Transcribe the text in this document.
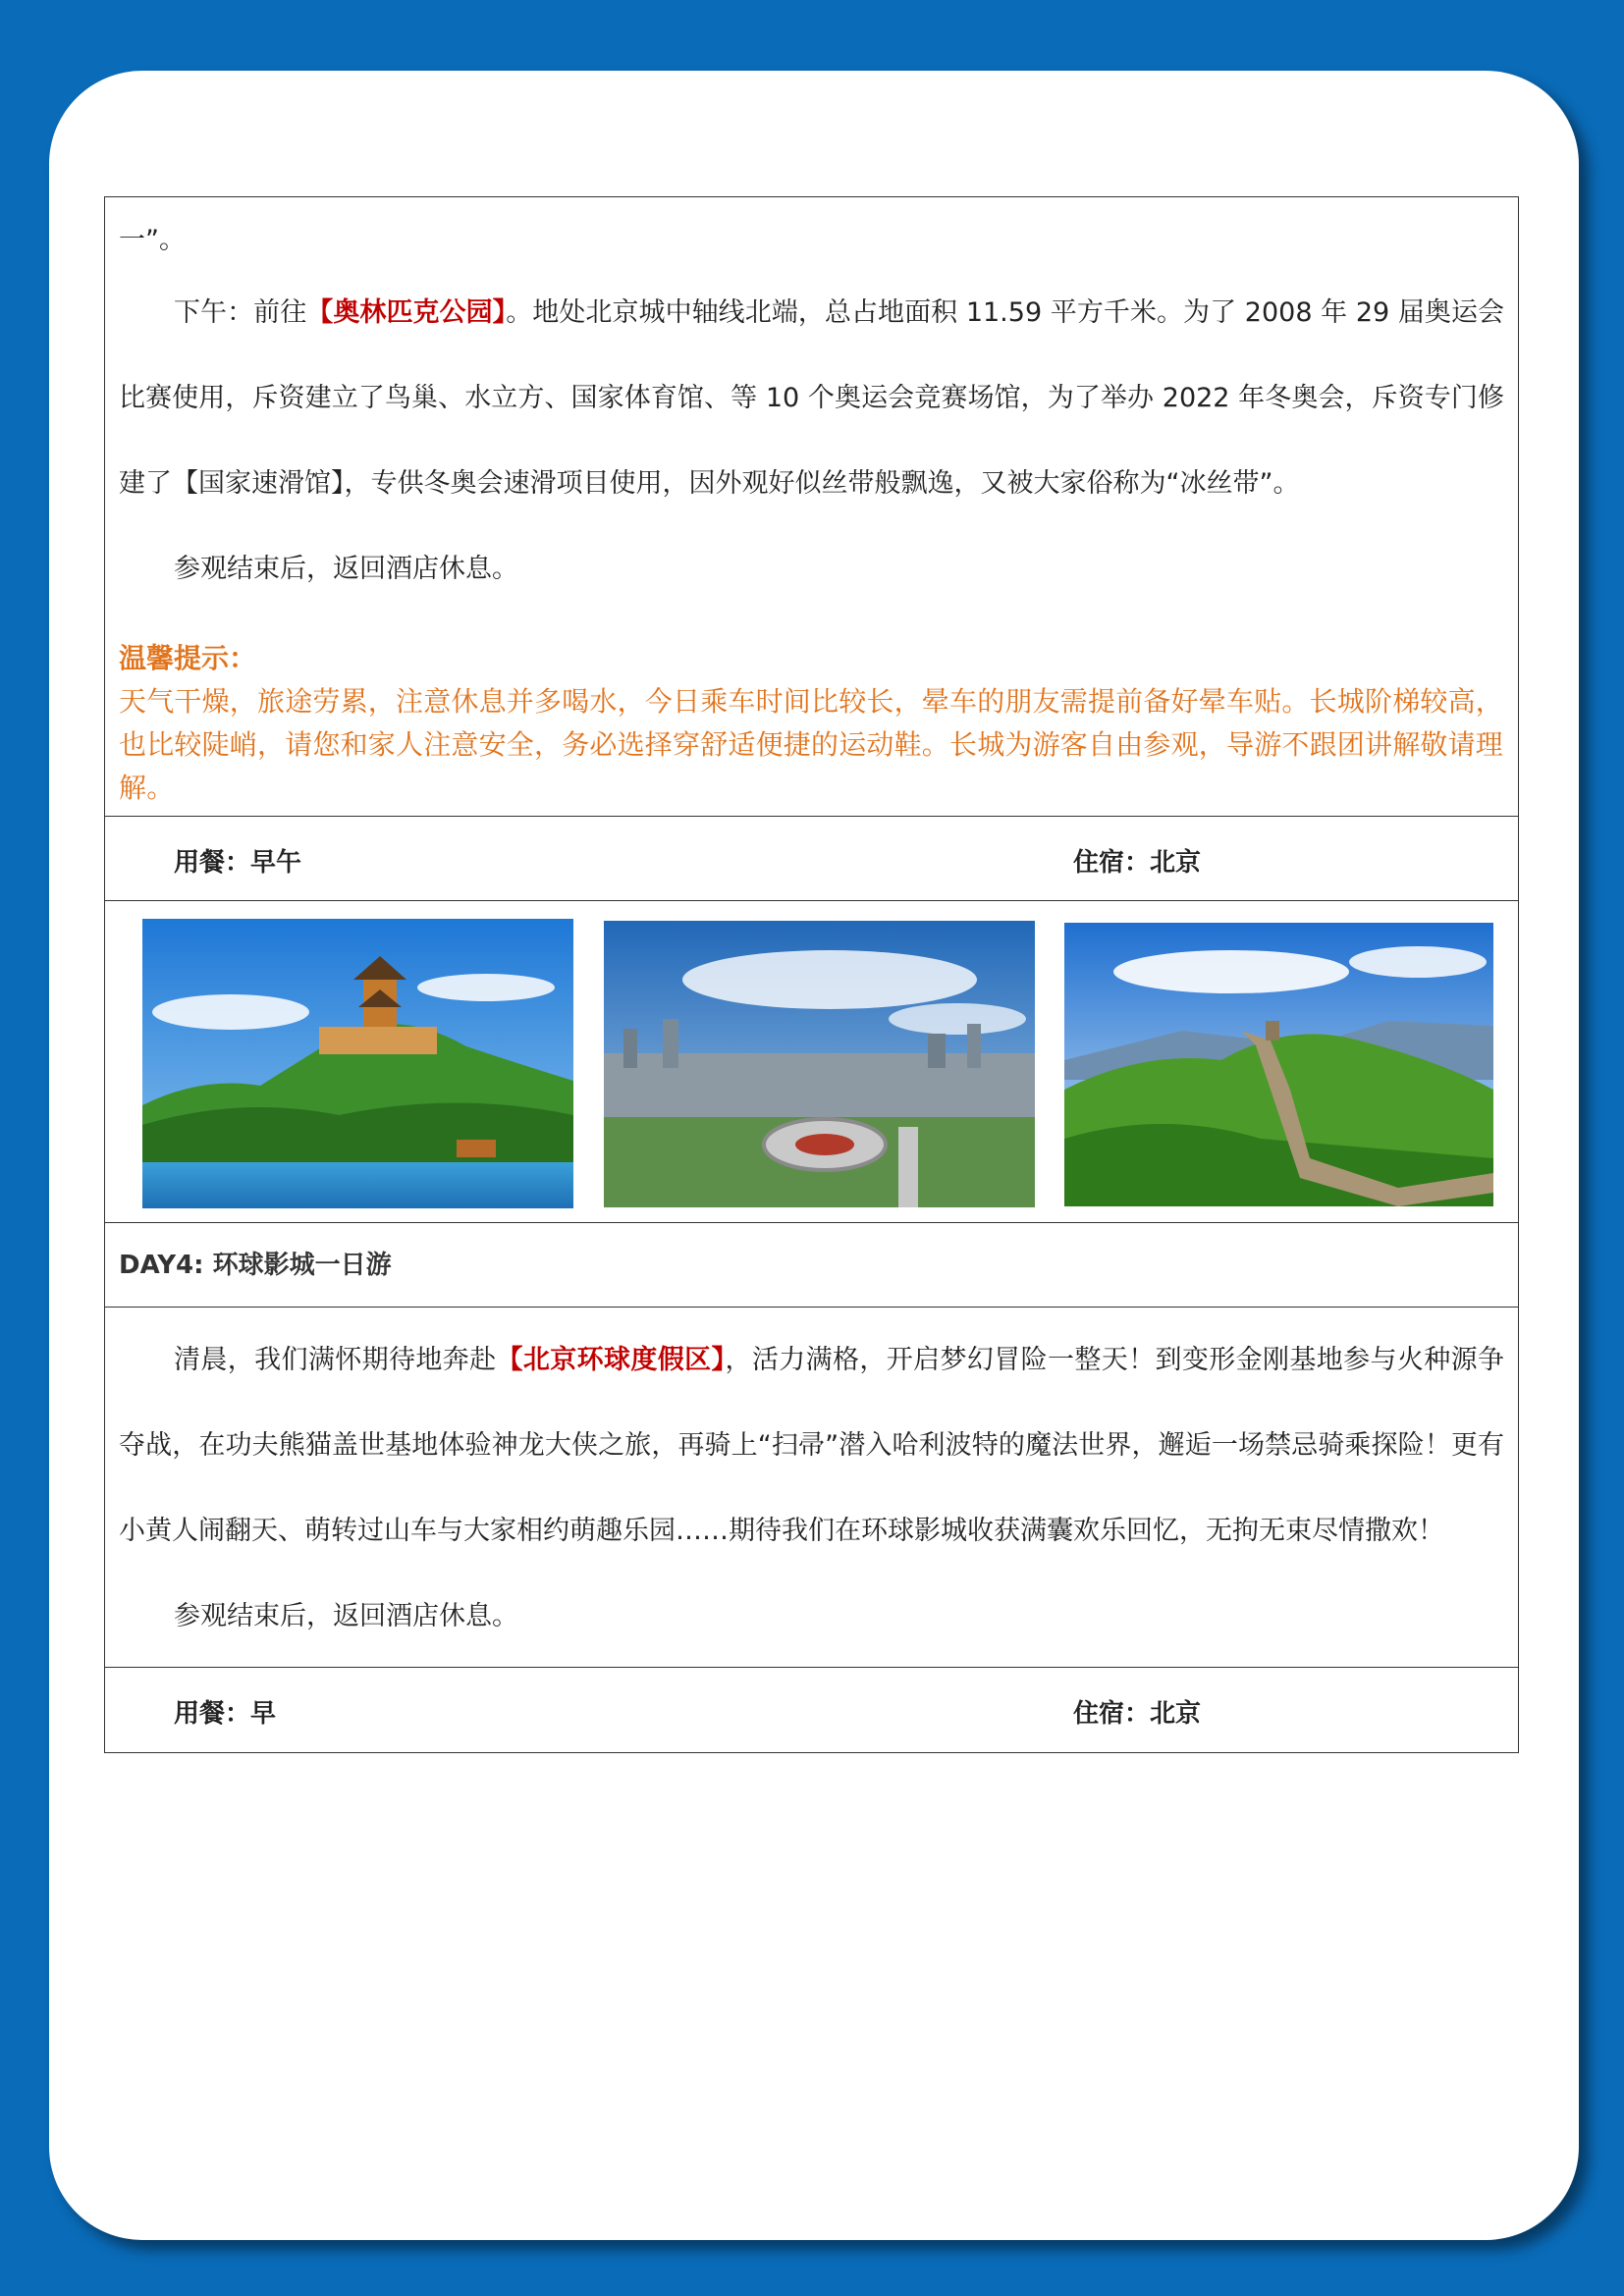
一”。

下午：前往【奥林匹克公园】。地处北京城中轴线北端，总占地面积 11.59 平方千米。为了 2008 年 29 届奥运会比赛使用，斥资建立了鸟巢、水立方、国家体育馆、等 10 个奥运会竞赛场馆，为了举办 2022 年冬奥会，斥资专门修建了【国家速滑馆】，专供冬奥会速滑项目使用，因外观好似丝带般飘逸，又被大家俗称为“冰丝带”。

参观结束后，返回酒店休息。

温馨提示：
天气干燥，旅途劳累，注意休息并多喝水，今日乘车时间比较长，晕车的朋友需提前备好晕车贴。长城阶梯较高，也比较陡峭，请您和家人注意安全，务必选择穿舒适便捷的运动鞋。长城为游客自由参观，导游不跟团讲解敬请理解。
用餐：早午	住宿：北京
DAY4: 环球影城一日游

清晨，我们满怀期待地奔赴【北京环球度假区】，活力满格，开启梦幻冒险一整天！到变形金刚基地参与火种源争夺战，在功夫熊猫盖世基地体验神龙大侠之旅，再骑上“扫帚”潜入哈利波特的魔法世界，邂逅一场禁忌骑乘探险！更有小黄人闹翻天、萌转过山车与大家相约萌趣乐园……期待我们在环球影城收获满囊欢乐回忆，无拘无束尽情撒欢！

参观结束后，返回酒店休息。

用餐：早	住宿：北京
